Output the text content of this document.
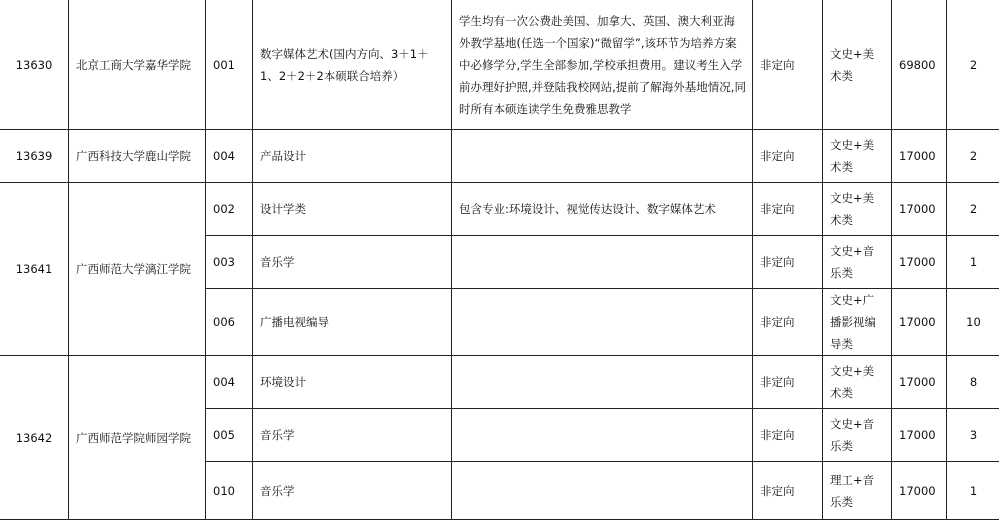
13630	北京工商大学嘉华学院	001	数字媒体艺术(国内方向、3＋1＋1、2＋2＋2本硕联合培养）	学生均有一次公费赴美国、加拿大、英国、澳大利亚海外教学基地(任选一个国家)“微留学”,该环节为培养方案中必修学分,学生全部参加,学校承担费用。建议考生入学前办理好护照,并登陆我校网站,提前了解海外基地情况,同时所有本硕连读学生免费雅思教学	非定向	文史+美术类	69800	2
13639	广西科技大学鹿山学院	004	产品设计		非定向	文史+美术类	17000	2
13641	广西师范大学漓江学院	002	设计学类	包含专业:环境设计、视觉传达设计、数字媒体艺术	非定向	文史+美术类	17000	2
		003	音乐学		非定向	文史+音乐类	17000	1
		006	广播电视编导		非定向	文史+广播影视编导类	17000	10
13642	广西师范学院师园学院	004	环境设计		非定向	文史+美术类	17000	8
		005	音乐学		非定向	文史+音乐类	17000	3
		010	音乐学		非定向	理工+音乐类	17000	1
